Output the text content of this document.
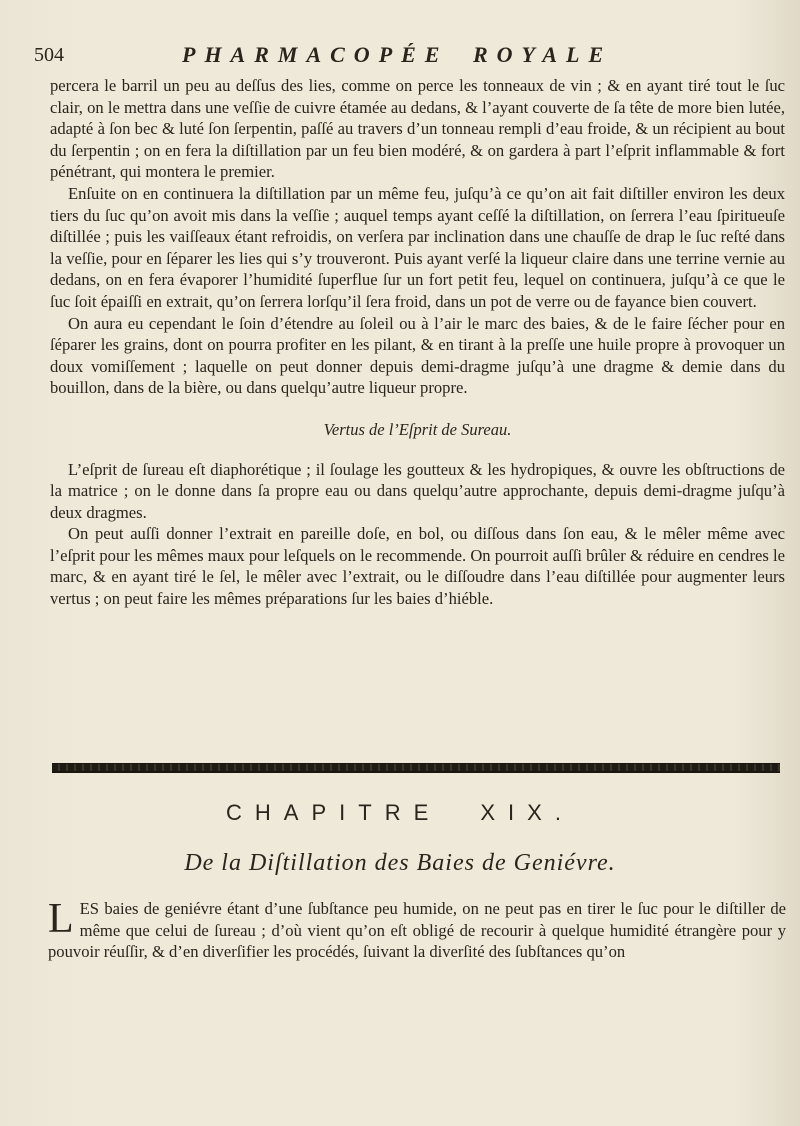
504	PHARMACOPÉE ROYALE

percera le barril un peu au deſſus des lies, comme on perce les tonneaux de vin ; & en ayant tiré tout le ſuc clair, on le mettra dans une veſſie de cuivre étamée au dedans, & l’ayant couverte de ſa tête de more bien lutée, adapté à ſon bec & luté ſon ſerpentin, paſſé au travers d’un tonneau rempli d’eau froide, & un récipient au bout du ſerpentin ; on en fera la diſtillation par un feu bien modéré, & on gardera à part l’eſprit inflammable & fort pénétrant, qui montera le premier.

Enſuite on en continuera la diſtillation par un même feu, juſqu’à ce qu’on ait fait diſtiller environ les deux tiers du ſuc qu’on avoit mis dans la veſſie ; auquel temps ayant ceſſé la diſtillation, on ſerrera l’eau ſpiritueuſe diſtillée ; puis les vaiſſeaux étant refroidis, on verſera par inclination dans une chauſſe de drap le ſuc reſté dans la veſſie, pour en ſéparer les lies qui s’y trouveront. Puis ayant verſé la liqueur claire dans une terrine vernie au dedans, on en fera évaporer l’humidité ſuperflue ſur un fort petit feu, lequel on continuera, juſqu’à ce que le ſuc ſoit épaiſſi en extrait, qu’on ſerrera lorſqu’il ſera froid, dans un pot de verre ou de fayance bien couvert.

On aura eu cependant le ſoin d’étendre au ſoleil ou à l’air le marc des baies, & de le faire ſécher pour en ſéparer les grains, dont on pourra profiter en les pilant, & en tirant à la preſſe une huile propre à provoquer un doux vomiſſement ; laquelle on peut donner depuis demi-dragme juſqu’à une dragme & demie dans du bouillon, dans de la bière, ou dans quelqu’autre liqueur propre.

Vertus de l’Eſprit de Sureau.

L’eſprit de ſureau eſt diaphorétique ; il ſoulage les goutteux & les hydropiques, & ouvre les obſtructions de la matrice ; on le donne dans ſa propre eau ou dans quelqu’autre approchante, depuis demi-dragme juſqu’à deux dragmes.

On peut auſſi donner l’extrait en pareille doſe, en bol, ou diſſous dans ſon eau, & le mêler même avec l’eſprit pour les mêmes maux pour leſquels on le recommende. On pourroit auſſi brûler & réduire en cendres le marc, & en ayant tiré le ſel, le mêler avec l’extrait, ou le diſſoudre dans l’eau diſtillée pour augmenter leurs vertus ; on peut faire les mêmes préparations ſur les baies d’hiéble.

CHAPITRE XIX.
De la Diſtillation des Baies de Geniévre.
L ES baies de geniévre étant d’une ſubſtance peu humide, on ne peut pas en tirer le ſuc pour le diſtiller de même que celui de ſureau ; d’où vient qu’on eſt obligé de recourir à quelque humidité étrangère pour y pouvoir réuſſir, & d’en diverſifier les procédés, ſuivant la diverſité des ſubſtances qu’on
